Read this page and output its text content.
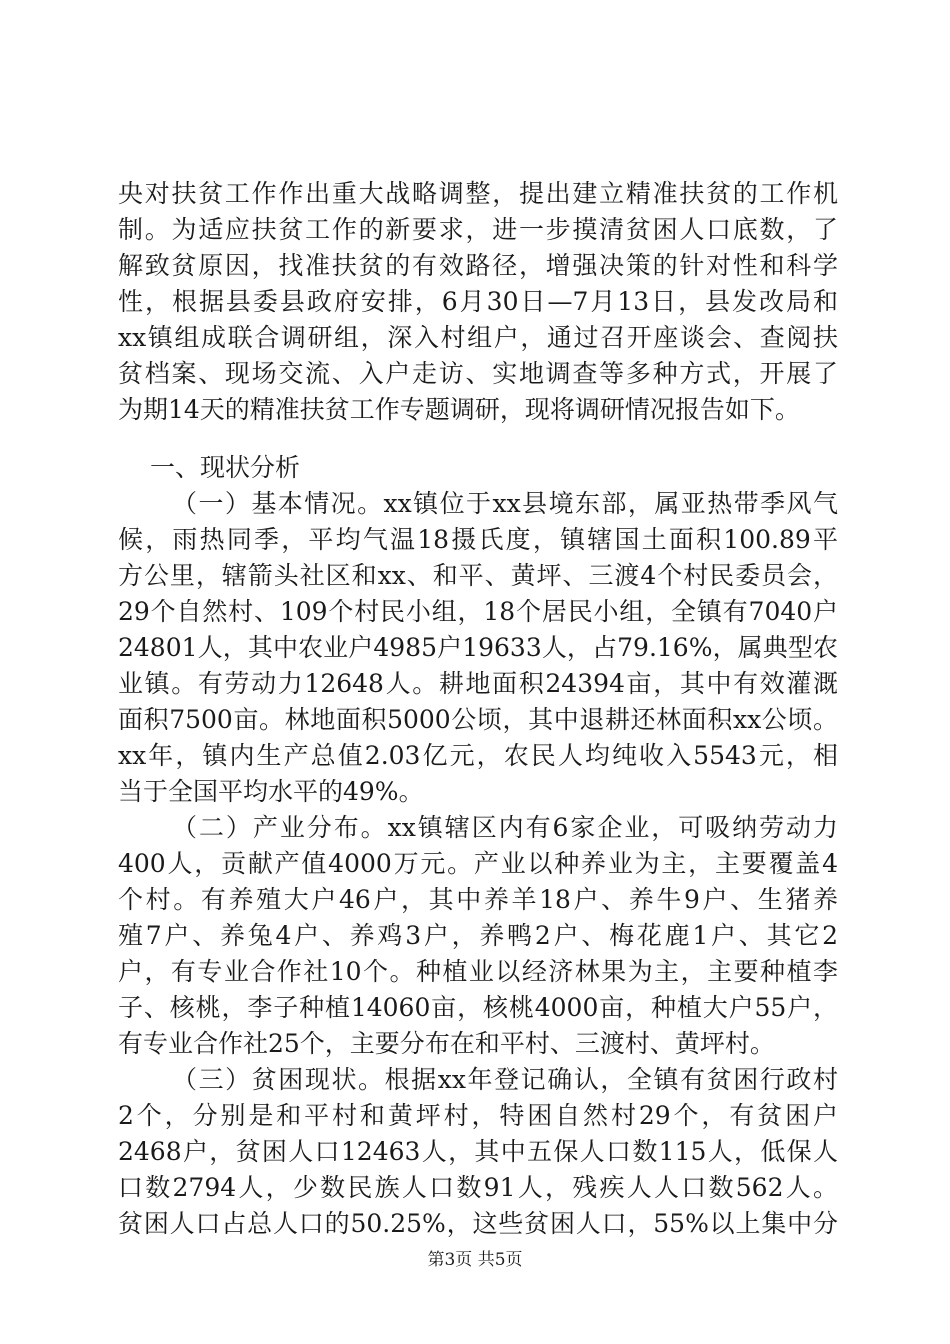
央对扶贫工作作出重大战略调整，提出建立精准扶贫的工作机
制。为适应扶贫工作的新要求，进一步摸清贫困人口底数，了
解致贫原因，找准扶贫的有效路径，增强决策的针对性和科学
性，根据县委县政府安排，6月30日—7月13日，县发改局和
xx镇组成联合调研组，深入村组户，通过召开座谈会、查阅扶
贫档案、现场交流、入户走访、实地调查等多种方式，开展了
为期14天的精准扶贫工作专题调研，现将调研情况报告如下。
一、现状分析
（一）基本情况。xx镇位于xx县境东部，属亚热带季风气
候，雨热同季，平均气温18摄氏度，镇辖国土面积100.89平
方公里，辖箭头社区和xx、和平、黄坪、三渡4个村民委员会，
29个自然村、109个村民小组，18个居民小组，全镇有7040户
24801人，其中农业户4985户19633人，占79.16%，属典型农
业镇。有劳动力12648人。耕地面积24394亩，其中有效灌溉
面积7500亩。林地面积5000公顷，其中退耕还林面积xx公顷。
xx年，镇内生产总值2.03亿元，农民人均纯收入5543元，相
当于全国平均水平的49%。
（二）产业分布。xx镇辖区内有6家企业，可吸纳劳动力
400人，贡献产值4000万元。产业以种养业为主，主要覆盖4
个村。有养殖大户46户，其中养羊18户、养牛9户、生猪养
殖7户、养兔4户、养鸡3户，养鸭2户、梅花鹿1户、其它2
户，有专业合作社10个。种植业以经济林果为主，主要种植李
子、核桃，李子种植14060亩，核桃4000亩，种植大户55户，
有专业合作社25个，主要分布在和平村、三渡村、黄坪村。
（三）贫困现状。根据xx年登记确认，全镇有贫困行政村
2个，分别是和平村和黄坪村，特困自然村29个，有贫困户
2468户，贫困人口12463人，其中五保人口数115人，低保人
口数2794人，少数民族人口数91人，残疾人人口数562人。
贫困人口占总人口的50.25%，这些贫困人口，55%以上集中分
第3页 共5页
